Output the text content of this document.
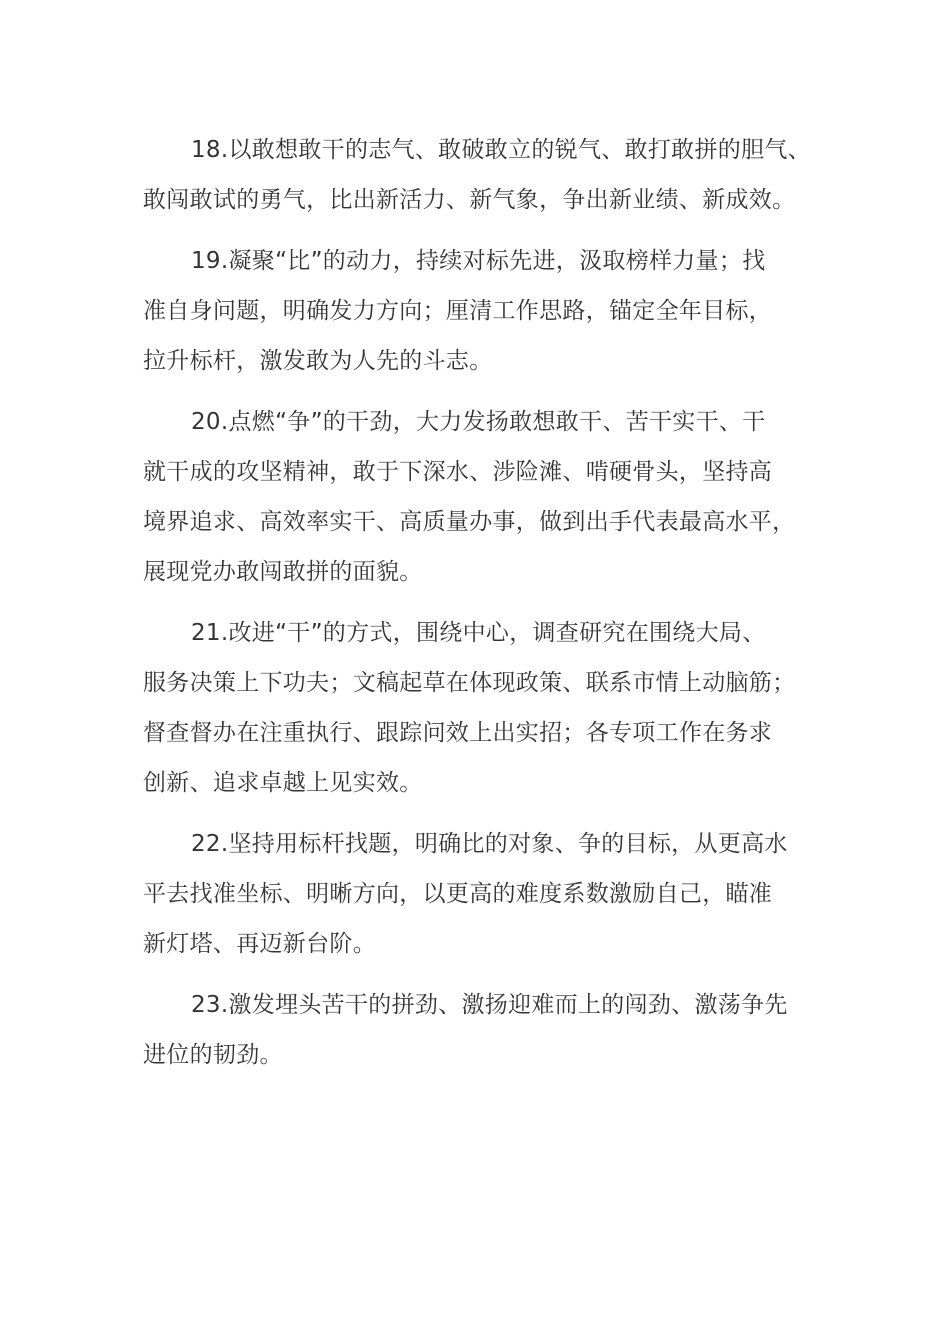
18.以敢想敢干的志气、敢破敢立的锐气、敢打敢拼的胆气、
敢闯敢试的勇气，比出新活力、新气象，争出新业绩、新成效。
19.凝聚“比”的动力，持续对标先进，汲取榜样力量；找
准自身问题，明确发力方向；厘清工作思路，锚定全年目标，
拉升标杆，激发敢为人先的斗志。
20.点燃“争”的干劲，大力发扬敢想敢干、苦干实干、干
就干成的攻坚精神，敢于下深水、涉险滩、啃硬骨头，坚持高
境界追求、高效率实干、高质量办事，做到出手代表最高水平，
展现党办敢闯敢拼的面貌。
21.改进“干”的方式，围绕中心，调查研究在围绕大局、
服务决策上下功夫；文稿起草在体现政策、联系市情上动脑筋；
督查督办在注重执行、跟踪问效上出实招；各专项工作在务求
创新、追求卓越上见实效。
22.坚持用标杆找题，明确比的对象、争的目标，从更高水
平去找准坐标、明晰方向，以更高的难度系数激励自己，瞄准
新灯塔、再迈新台阶。
23.激发埋头苦干的拼劲、激扬迎难而上的闯劲、激荡争先
进位的韧劲。
